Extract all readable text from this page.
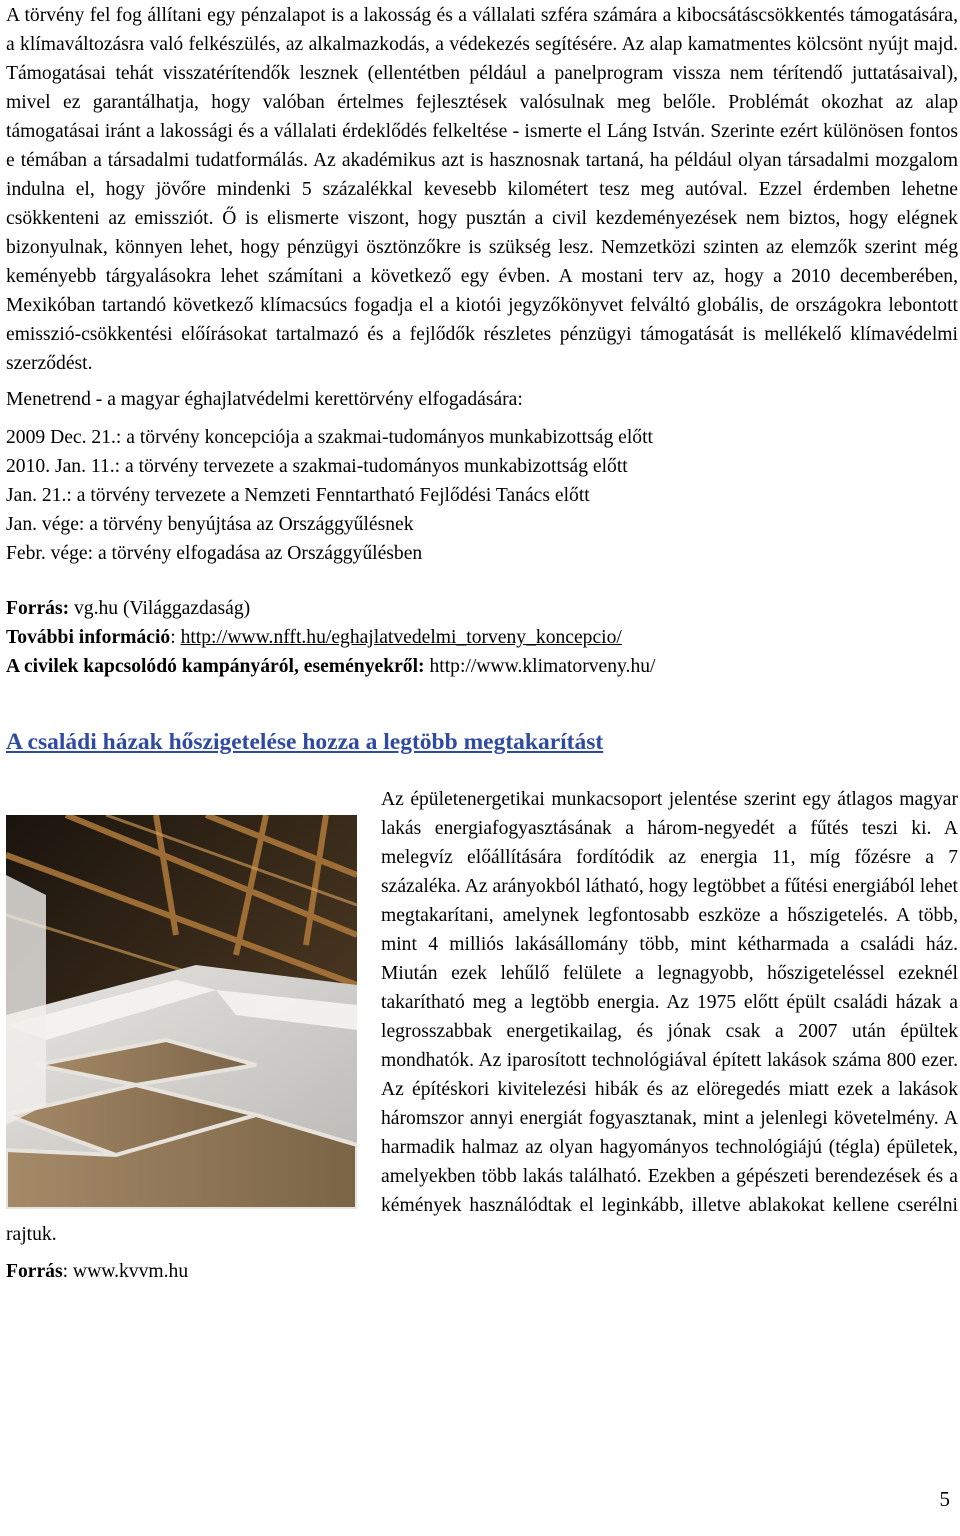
A törvény fel fog állítani egy pénzalapot is a lakosság és a vállalati szféra számára a kibocsátáscsökkentés támogatására, a klímaváltozásra való felkészülés, az alkalmazkodás, a védekezés segítésére. Az alap kamatmentes kölcsönt nyújt majd. Támogatásai tehát visszatérítendők lesznek (ellentétben például a panelprogram vissza nem térítendő juttatásaival), mivel ez garantálhatja, hogy valóban értelmes fejlesztések valósulnak meg belőle. Problémát okozhat az alap támogatásai iránt a lakossági és a vállalati érdeklődés felkeltése - ismerte el Láng István. Szerinte ezért különösen fontos e témában a társadalmi tudatformálás. Az akadémikus azt is hasznosnak tartaná, ha például olyan társadalmi mozgalom indulna el, hogy jövőre mindenki 5 százalékkal kevesebb kilométert tesz meg autóval. Ezzel érdemben lehetne csökkenteni az emissziót. Ő is elismerte viszont, hogy pusztán a civil kezdeményezések nem biztos, hogy elégnek bizonyulnak, könnyen lehet, hogy pénzügyi ösztönzőkre is szükség lesz. Nemzetközi szinten az elemzők szerint még keményebb tárgyalásokra lehet számítani a következő egy évben. A mostani terv az, hogy a 2010 decemberében, Mexikóban tartandó következő klímacsúcs fogadja el a kiotói jegyzőkönyvet felváltó globális, de országokra lebontott emisszió-csökkentési előírásokat tartalmazó és a fejlődők részletes pénzügyi támogatását is mellékelő klímavédelmi szerződést.

Menetrend - a magyar éghajlatvédelmi kerettörvény elfogadására:

2009 Dec. 21.: a törvény koncepciója a szakmai-tudományos munkabizottság előtt
2010. Jan. 11.: a törvény tervezete a szakmai-tudományos munkabizottság előtt
Jan. 21.: a törvény tervezete a Nemzeti Fenntartható Fejlődési Tanács előtt
Jan. vége: a törvény benyújtása az Országgyűlésnek
Febr. vége: a törvény elfogadása az Országgyűlésben
Forrás: vg.hu (Világgazdaság)
További információ: http://www.nfft.hu/eghajlatvedelmi_torveny_koncepcio/
A civilek kapcsolódó kampányáról, eseményekről: http://www.klimatorveny.hu/
A családi házak hőszigetelése hozza a legtöbb megtakarítást

Az épületenergetikai munkacsoport jelentése szerint egy átlagos magyar lakás energiafogyasztásának a három-negyedét a fűtés teszi ki. A melegvíz előállítására fordítódik az energia 11, míg főzésre a 7 százaléka. Az arányokból látható, hogy legtöbbet a fűtési energiából lehet megtakarítani, amelynek legfontosabb eszköze a hőszigetelés. A több, mint 4 milliós lakásállomány több, mint kétharmada a családi ház. Miután ezek lehűlő felülete a legnagyobb, hőszigeteléssel ezeknél takarítható meg a legtöbb energia. Az 1975 előtt épült családi házak a legrosszabbak energetikailag, és jónak csak a 2007 után épültek mondhatók. Az iparosított technológiával épített lakások száma 800 ezer. Az építéskori kivitelezési hibák és az elöregedés miatt ezek a lakások háromszor annyi energiát fogyasztanak, mint a jelenlegi követelmény. A harmadik halmaz az olyan hagyományos technológiájú (tégla) épületek, amelyekben több lakás található. Ezekben a gépészeti berendezések és a kémények használódtak el leginkább, illetve ablakokat kellene cserélni rajtuk.

Forrás: www.kvvm.hu

5
